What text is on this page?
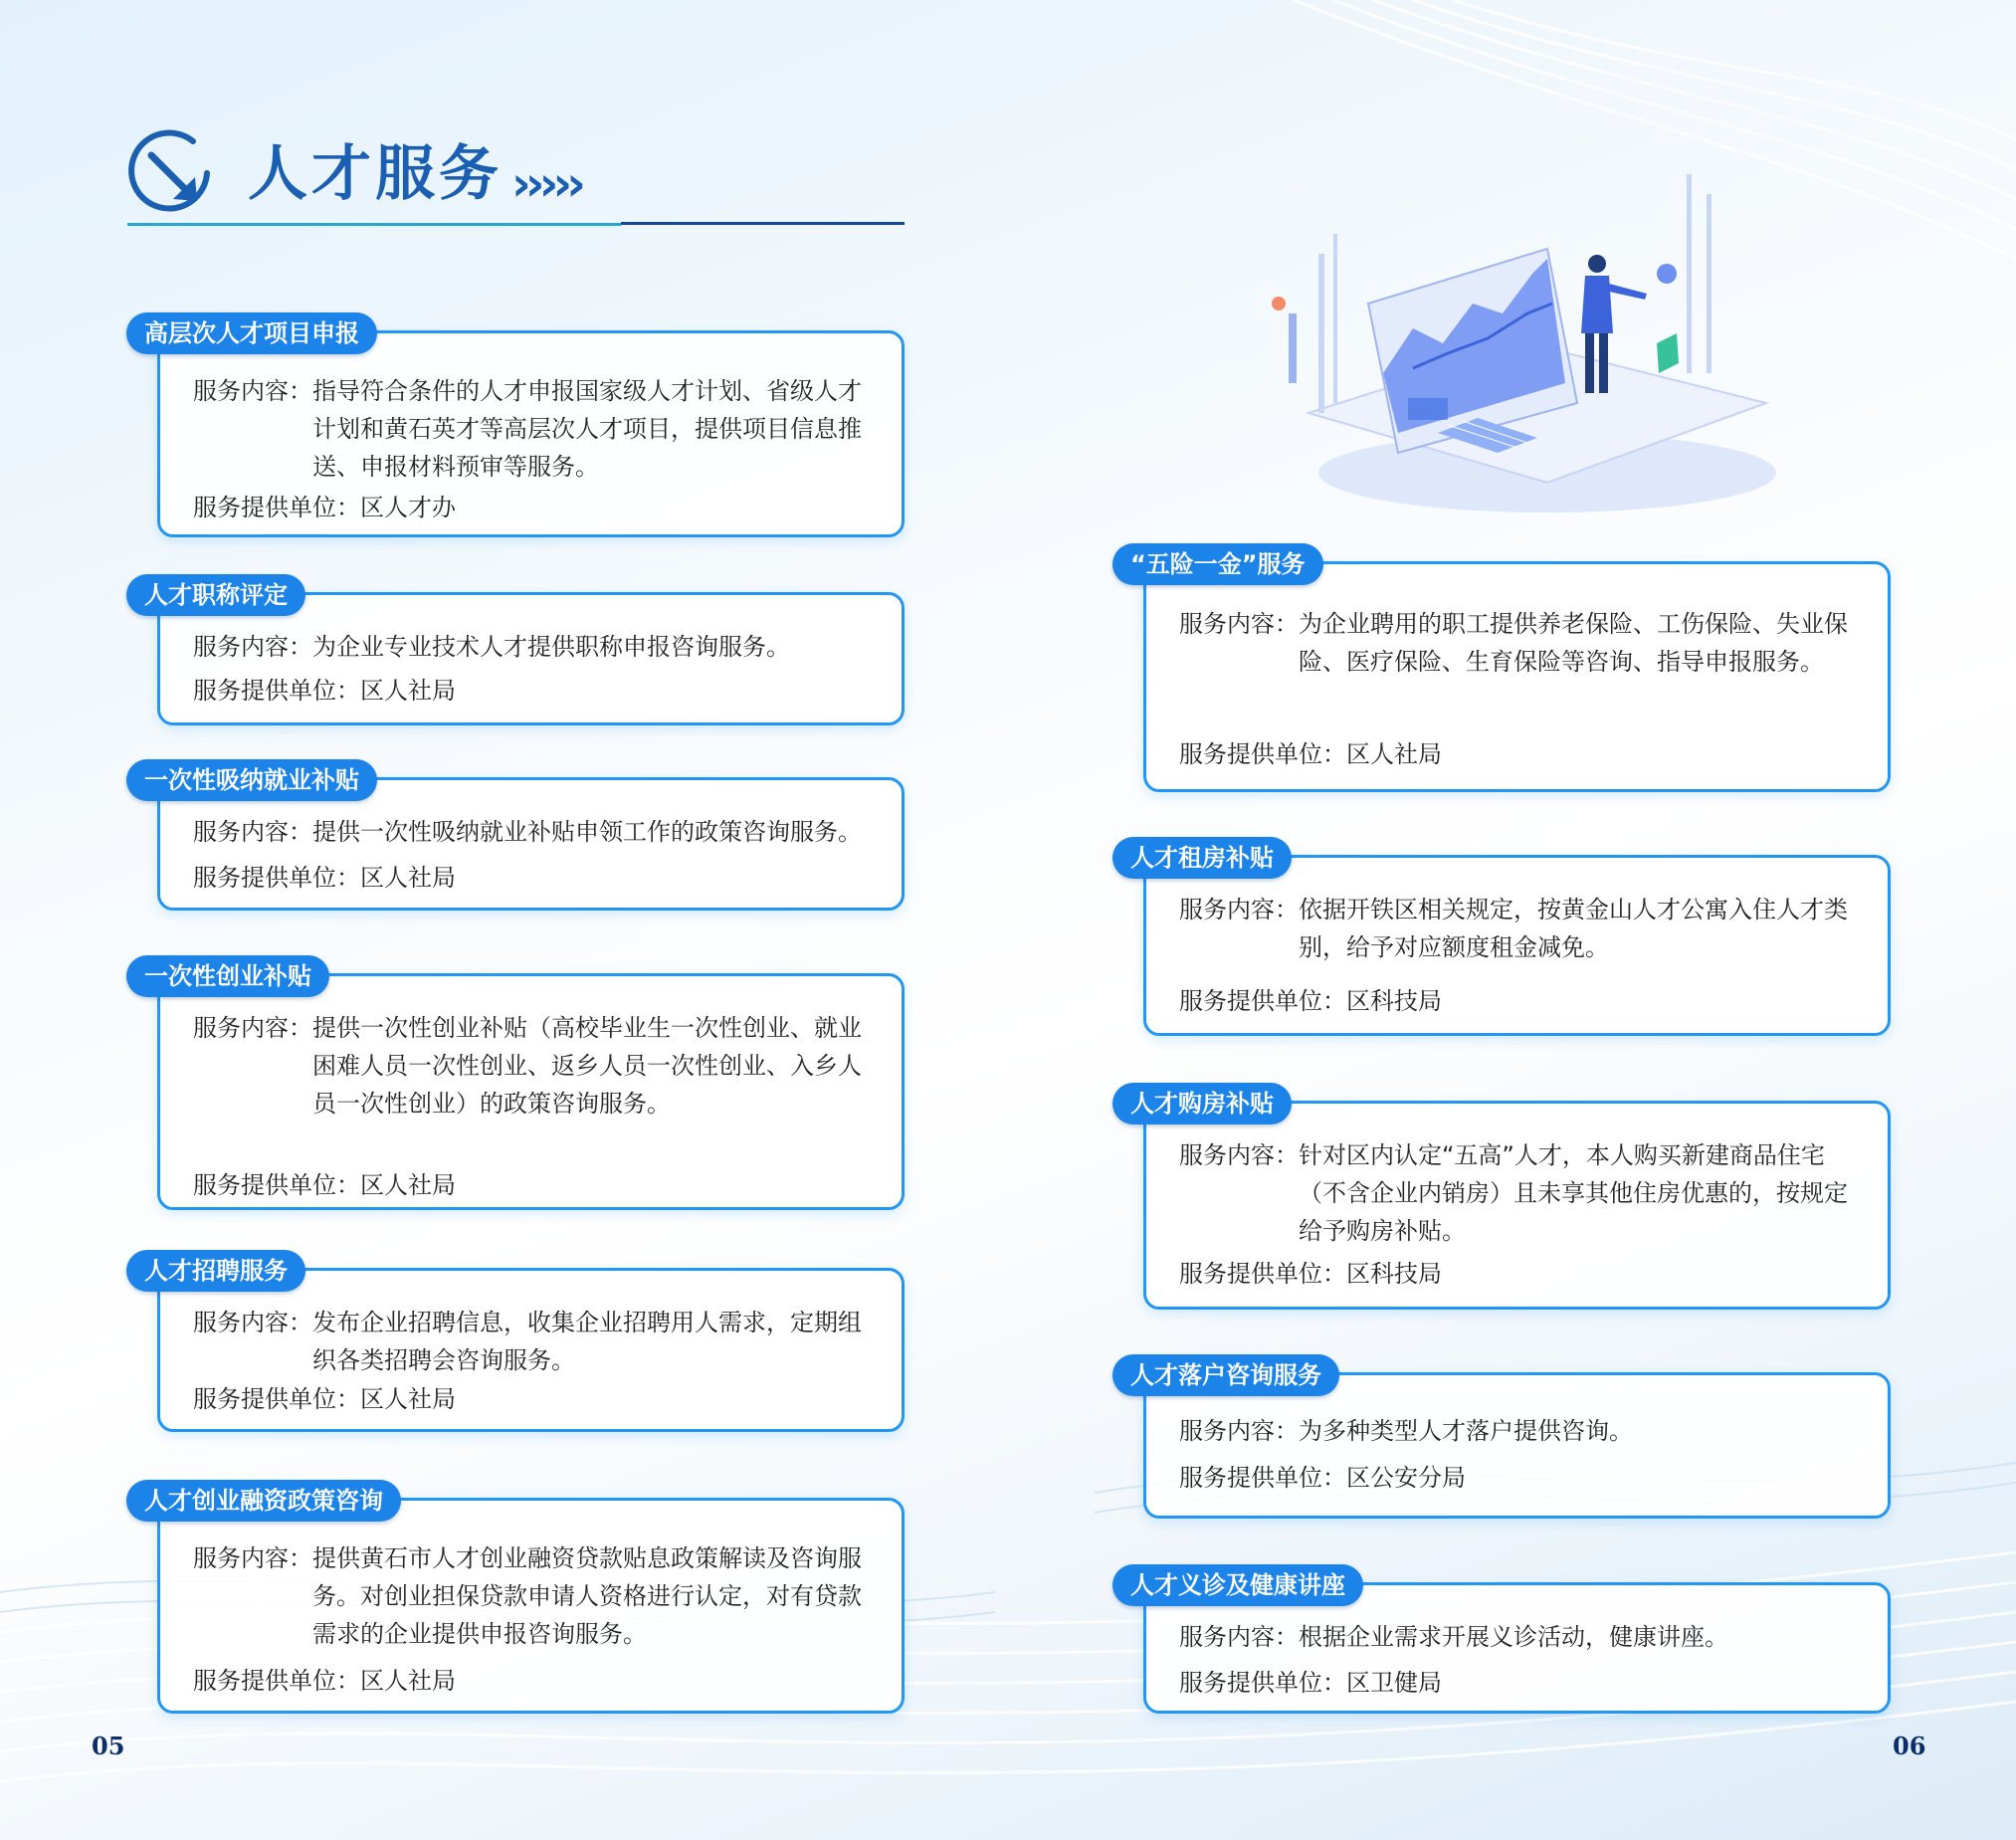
人才服务 ›››››
高层次人才项目申报
服务内容： 指导符合条件的人才申报国家级人才计划、省级人才计划和黄石英才等高层次人才项目，提供项目信息推送、申报材料预审等服务。
服务提供单位：区人才办
人才职称评定
服务内容： 为企业专业技术人才提供职称申报咨询服务。
服务提供单位：区人社局
一次性吸纳就业补贴
服务内容： 提供一次性吸纳就业补贴申领工作的政策咨询服务。
服务提供单位：区人社局
一次性创业补贴
服务内容： 提供一次性创业补贴（高校毕业生一次性创业、就业困难人员一次性创业、返乡人员一次性创业、入乡人员一次性创业）的政策咨询服务。
服务提供单位：区人社局
人才招聘服务
服务内容： 发布企业招聘信息，收集企业招聘用人需求，定期组织各类招聘会咨询服务。
服务提供单位：区人社局
人才创业融资政策咨询
服务内容： 提供黄石市人才创业融资贷款贴息政策解读及咨询服务。对创业担保贷款申请人资格进行认定，对有贷款需求的企业提供申报咨询服务。
服务提供单位：区人社局
“五险一金”服务
服务内容： 为企业聘用的职工提供养老保险、工伤保险、失业保险、医疗保险、生育保险等咨询、指导申报服务。
服务提供单位：区人社局
人才租房补贴
服务内容： 依据开铁区相关规定，按黄金山人才公寓入住人才类别，给予对应额度租金减免。
服务提供单位：区科技局
人才购房补贴
服务内容： 针对区内认定“五高”人才，本人购买新建商品住宅（不含企业内销房）且未享其他住房优惠的，按规定给予购房补贴。
服务提供单位：区科技局
人才落户咨询服务
服务内容： 为多种类型人才落户提供咨询。
服务提供单位：区公安分局
人才义诊及健康讲座
服务内容： 根据企业需求开展义诊活动，健康讲座。
服务提供单位：区卫健局
05	06
